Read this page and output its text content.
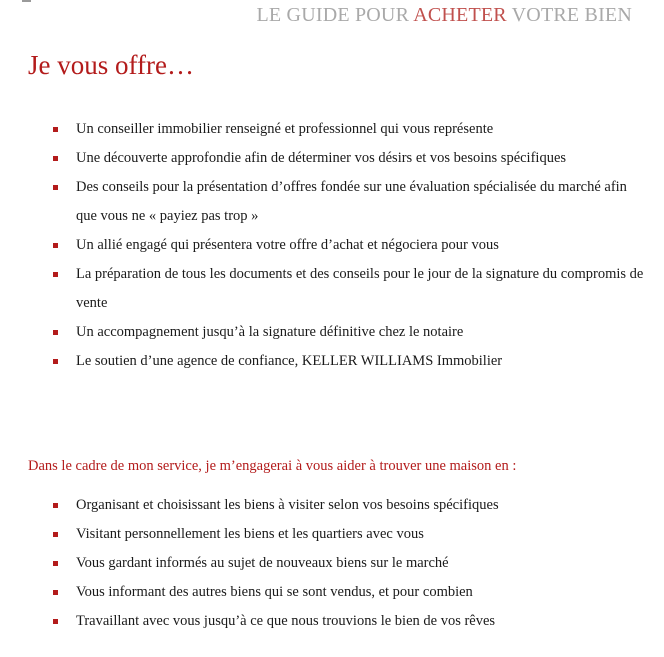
LE GUIDE POUR ACHETER VOTRE BIEN
Je vous offre…
Un conseiller immobilier renseigné et professionnel qui vous représente
Une découverte approfondie afin de déterminer vos désirs et vos besoins spécifiques
Des conseils pour la présentation d’offres fondée sur une évaluation spécialisée du marché afin que vous ne « payiez pas trop »
Un allié engagé qui présentera votre offre d’achat et négociera pour vous
La préparation de tous les documents et des conseils pour le jour de la signature du compromis de vente
Un accompagnement jusqu’à la signature définitive chez le notaire
Le soutien d’une agence de confiance, KELLER WILLIAMS Immobilier

Dans le cadre de mon service, je m’engagerai à vous aider à trouver une maison en :

Organisant et choisissant les biens à visiter selon vos besoins spécifiques
Visitant personnellement les biens et les quartiers avec vous
Vous gardant informés au sujet de nouveaux biens sur le marché
Vous informant des autres biens qui se sont vendus, et pour combien
Travaillant avec vous jusqu’à ce que nous trouvions le bien de vos rêves
